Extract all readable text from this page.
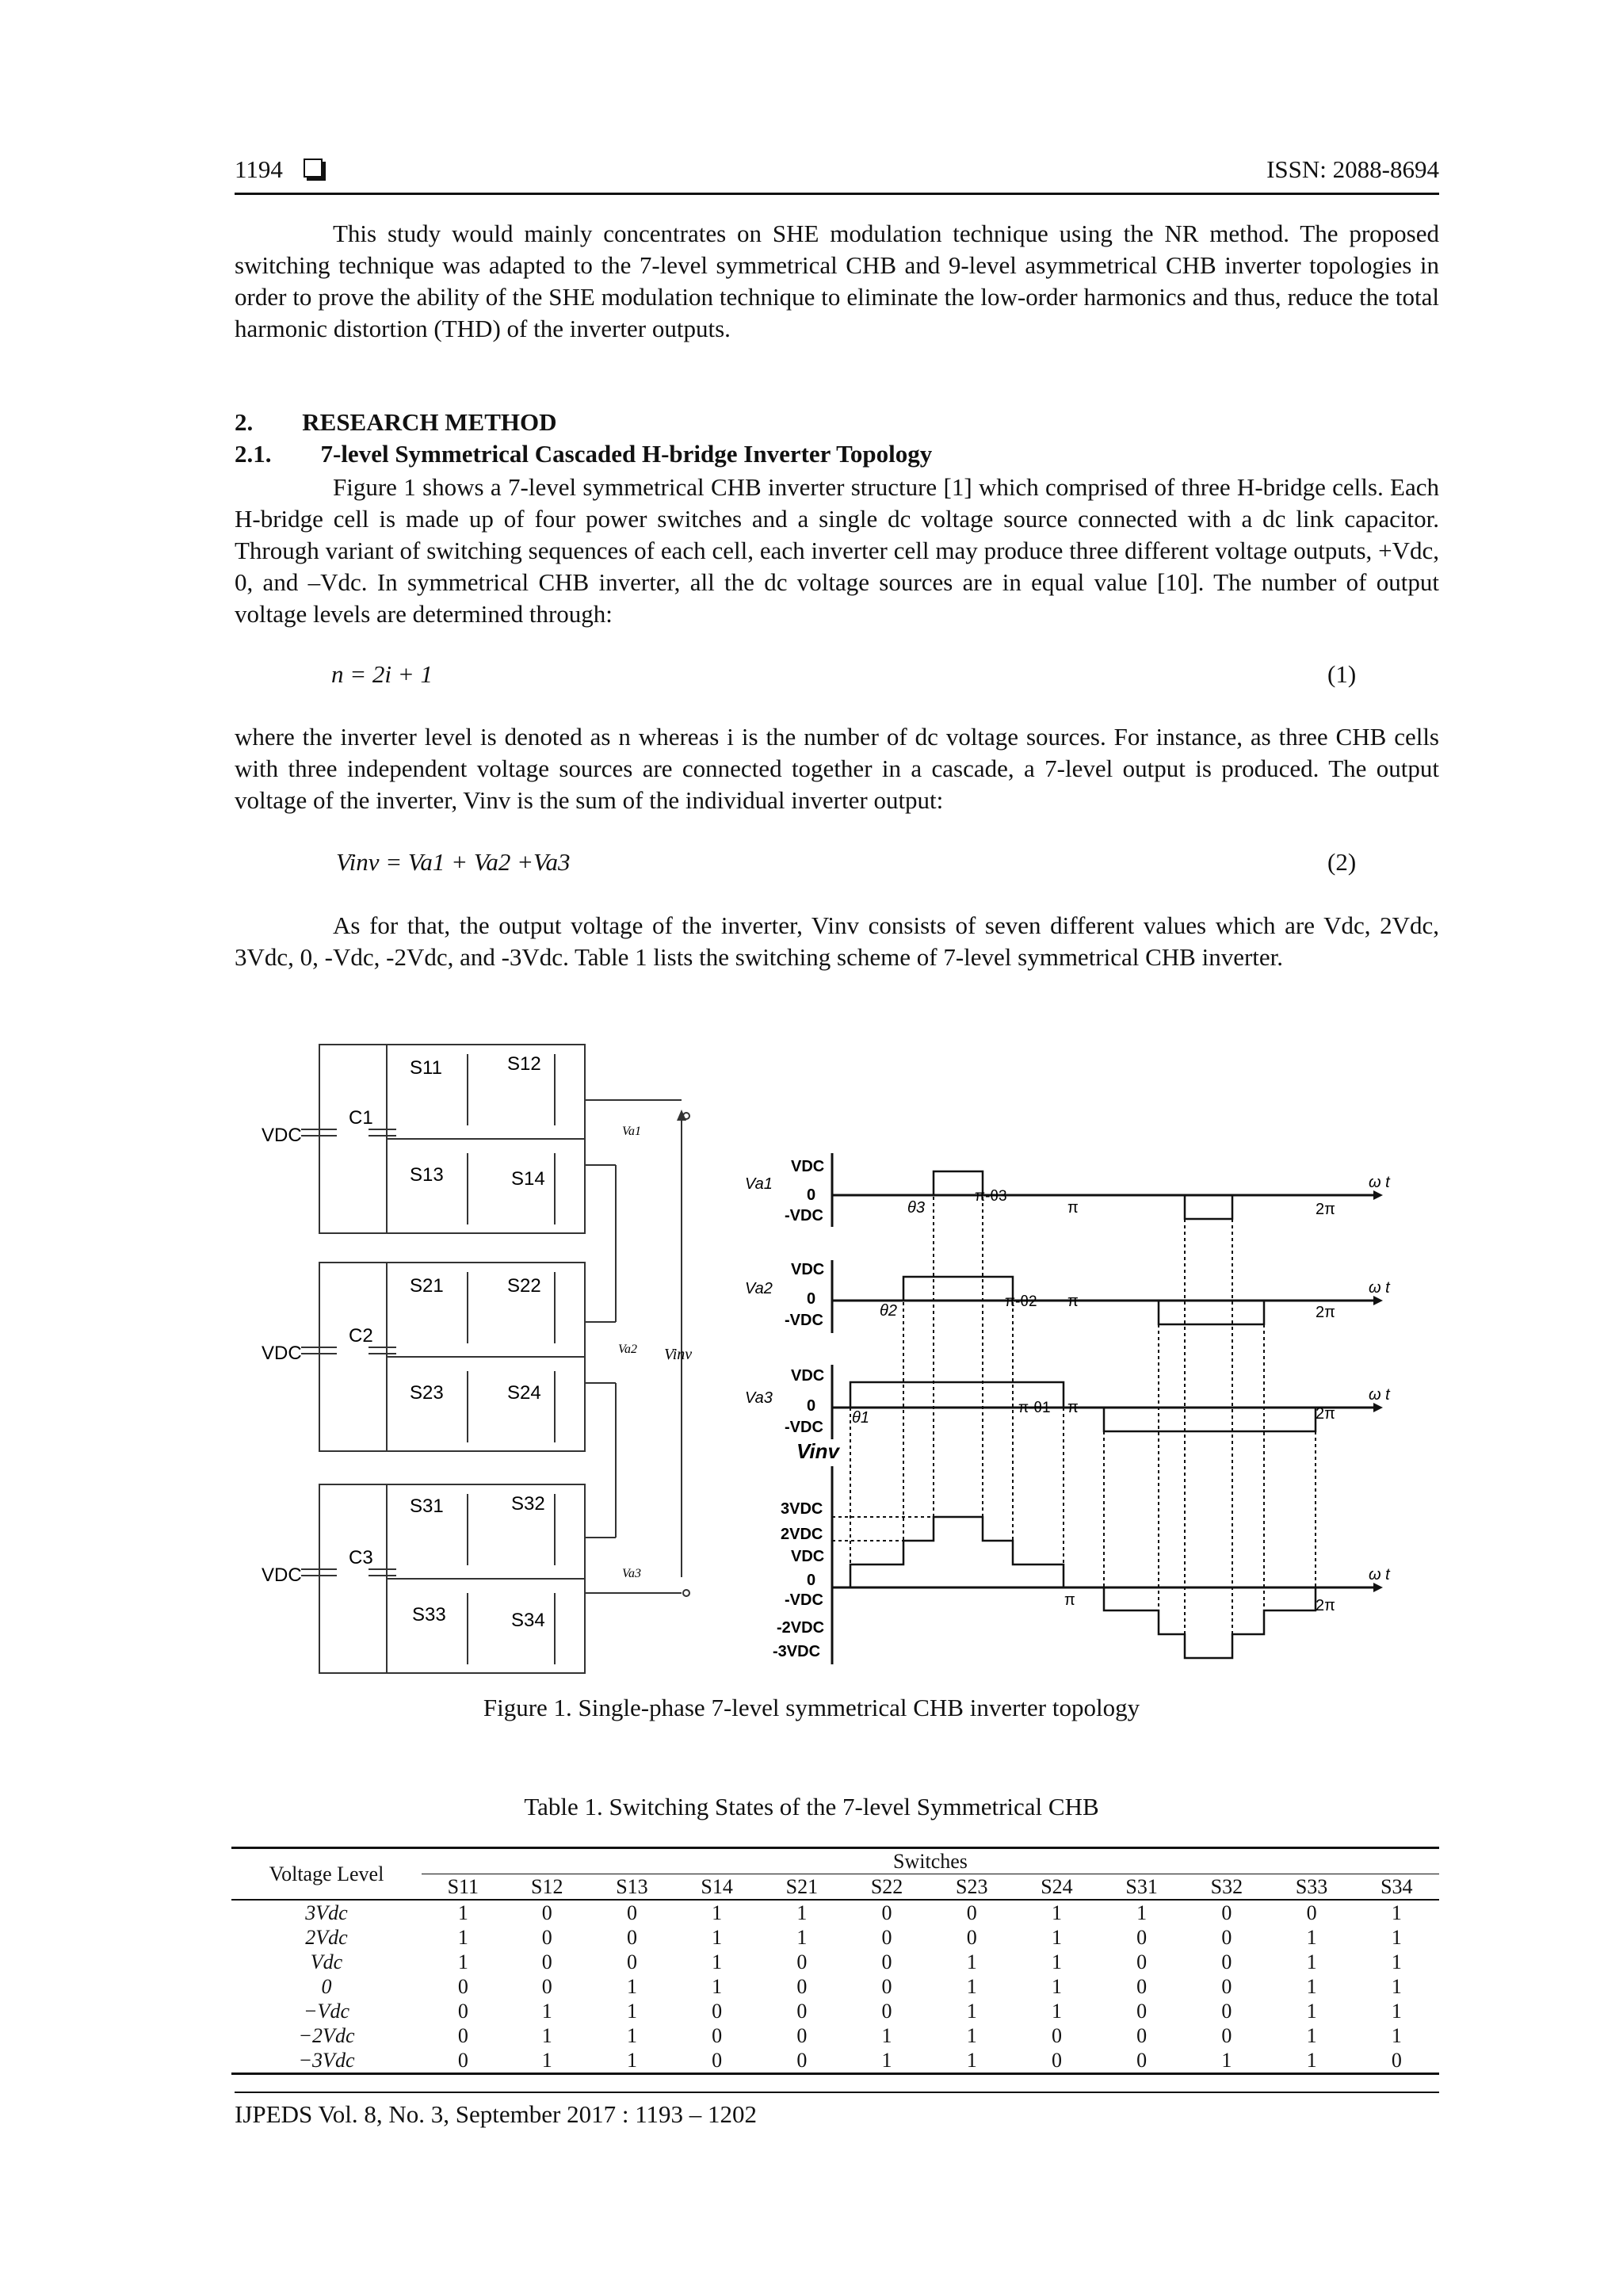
1194	ISSN: 2088-8694

This study would mainly concentrates on SHE modulation technique using the NR method. The proposed switching technique was adapted to the 7-level symmetrical CHB and 9-level asymmetrical CHB inverter topologies in order to prove the ability of the SHE modulation technique to eliminate the low-order harmonics and thus, reduce the total harmonic distortion (THD) of the inverter outputs.

2.  RESEARCH METHOD
2.1.  7-level Symmetrical Cascaded H-bridge Inverter Topology

Figure 1 shows a 7-level symmetrical CHB inverter structure [1] which comprised of three H-bridge cells. Each H-bridge cell is made up of four power switches and a single dc voltage source connected with a dc link capacitor. Through variant of switching sequences of each cell, each inverter cell may produce three different voltage outputs, +Vdc, 0, and –Vdc. In symmetrical CHB inverter, all the dc voltage sources are in equal value [10]. The number of output voltage levels are determined through:

n = 2i + 1	(1)

where the inverter level is denoted as n whereas i is the number of dc voltage sources. For instance, as three CHB cells with three independent voltage sources are connected together in a cascade, a 7-level output is produced. The output voltage of the inverter, Vinv is the sum of the individual inverter output:

Vinv = Va1 + Va2 +Va3	(2)

As for that, the output voltage of the inverter, Vinv consists of seven different values which are Vdc, 2Vdc, 3Vdc, 0, -Vdc, -2Vdc, and -3Vdc. Table 1 lists the switching scheme of 7-level symmetrical CHB inverter.

VDC
VDC
VDC
C1
C2
C3
S11	S12
S13	S14
S21	S22
S23	S24
S31	S32
S33	S34
Va1
Va2
Va3
Vinv
VDC
0
-VDC
VDC
0
-VDC
VDC
0
-VDC
3VDC
2VDC
VDC
0
-VDC
-2VDC
-3VDC
Va1
Va2
Va3
Vinv
ω t
ω t
ω t
ω t
θ3
θ2
θ1
π-θ3
π-θ2
π-θ1
π
π
π
π
2π
2π
2π
2π
Figure 1. Single-phase 7-level symmetrical CHB inverter topology
Table 1. Switching States of the 7-level Symmetrical CHB
Voltage Level	Switches											
	S11	S12	S13	S14	S21	S22	S23	S24	S31	S32	S33	S34
3Vdc	1	0	0	1	1	0	0	1	1	0	0	1
2Vdc	1	0	0	1	1	0	0	1	0	0	1	1
Vdc	1	0	0	1	0	0	1	1	0	0	1	1
0	0	0	1	1	0	0	1	1	0	0	1	1
−Vdc	0	1	1	0	0	0	1	1	0	0	1	1
−2Vdc	0	1	1	0	0	1	1	0	0	0	1	1
−3Vdc	0	1	1	0	0	1	1	0	0	1	1	0
IJPEDS Vol. 8, No. 3, September 2017 : 1193 – 1202
